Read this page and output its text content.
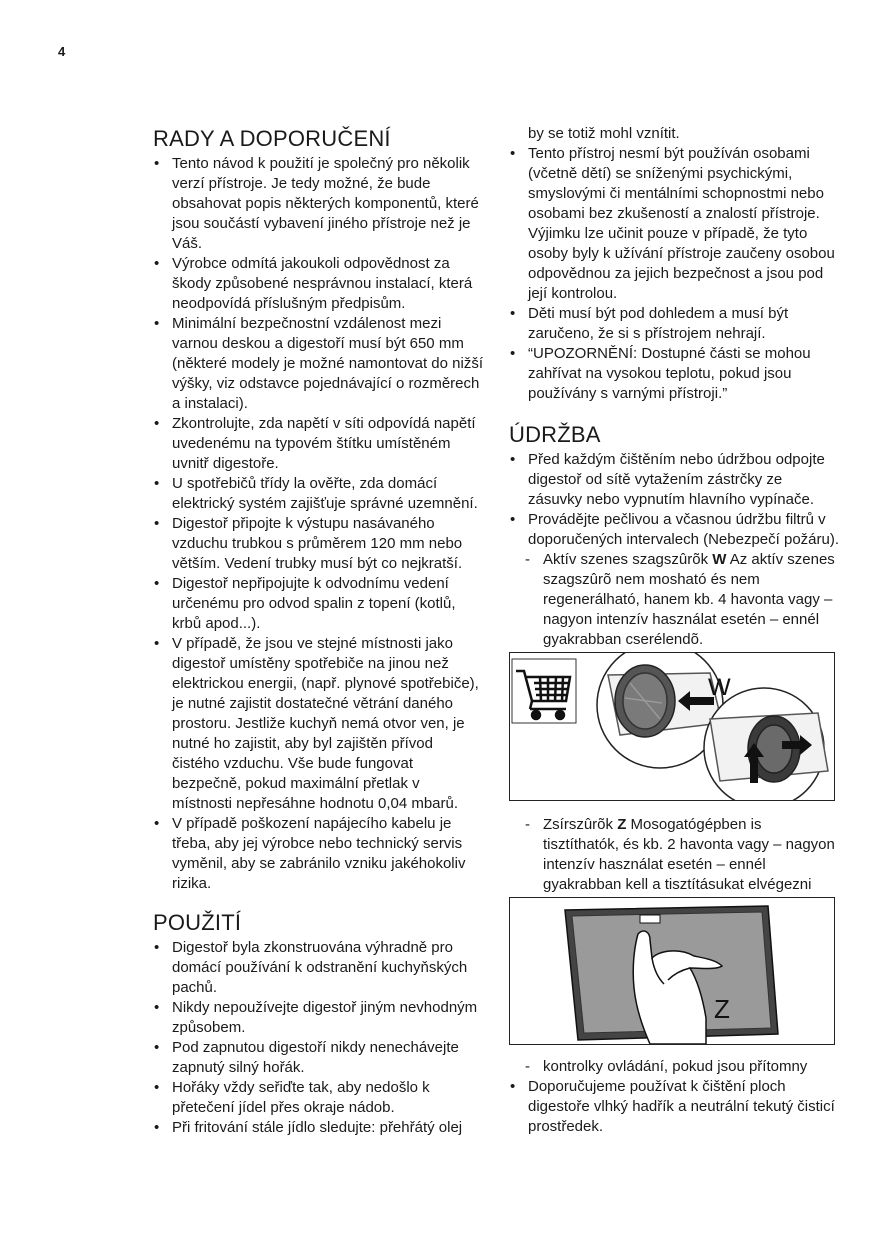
4
RADY A DOPORUČENÍ
• Tento návod k použití je společný pro několik verzí přístroje. Je tedy možné, že bude obsahovat popis některých komponentů, které jsou součástí vybavení jiného přístroje než je Váš.
• Výrobce odmítá jakoukoli odpovědnost za škody způsobené nesprávnou instalací, která neodpovídá příslušným předpisům.
• Minimální bezpečnostní vzdálenost mezi varnou deskou a digestoří musí být 650 mm (některé modely je možné namontovat do nižší výšky, viz odstavce pojednávající o rozměrech a instalaci).
• Zkontrolujte, zda napětí v síti odpovídá napětí uvedenému na typovém štítku umístěném uvnitř digestoře.
• U spotřebičů třídy la ověřte, zda domácí elektrický systém zajišťuje správné uzemnění.
• Digestoř připojte k výstupu nasávaného vzduchu trubkou s průměrem 120 mm nebo větším. Vedení trubky musí být co nejkratší.
• Digestoř nepřipojujte k odvodnímu vedení určenému pro odvod spalin z topení (kotlů, krbů apod...).
• V případě, že jsou ve stejné místnosti jako digestoř umístěny spotřebiče na jinou než elektrickou energii, (např. plynové spotřebiče), je nutné zajistit dostatečné větrání daného prostoru. Jestliže kuchyň nemá otvor ven, je nutné ho zajistit, aby byl zajištěn přívod čistého vzduchu. Vše bude fungovat bezpečně, pokud maximální přetlak v místnosti nepřesáhne hodnotu 0,04 mbarů.
• V případě poškození napájecího kabelu je třeba, aby jej výrobce nebo technický servis vyměnil, aby se zabránilo vzniku jakéhokoliv rizika.
POUŽITÍ
• Digestoř byla zkonstruována výhradně pro domácí používání k odstranění kuchyňských pachů.
• Nikdy nepoužívejte digestoř jiným nevhodným způsobem.
• Pod zapnutou digestoří nikdy nenechávejte zapnutý silný hořák.
• Hořáky vždy seřiďte tak, aby nedošlo k přetečení jídel přes okraje nádob.
• Při fritování stále jídlo sledujte: přehřátý olej
by se totiž mohl vznítit.
• Tento přístroj nesmí být používán osobami (včetně dětí) se sníženými psychickými, smyslovými či mentálními schopnostmi nebo osobami bez zkušeností a znalostí přístroje. Výjimku lze učinit pouze v případě, že tyto osoby byly k užívání přístroje zaučeny osobou odpovědnou za jejich bezpečnost a jsou pod její kontrolou.
• Děti musí být pod dohledem a musí být zaručeno, že si s přístrojem nehrají.
• “UPOZORNĚNÍ: Dostupné části se mohou zahřívat na vysokou teplotu, pokud jsou používány s varnými přístroji.”
ÚDRŽBA
• Před každým čištěním nebo údržbou odpojte digestoř od sítě vytažením zástrčky ze zásuvky nebo vypnutím hlavního vypínače.
• Provádějte pečlivou a včasnou údržbu filtrů v doporučených intervalech (Nebezpečí požáru).
- Aktív szenes szagszûrõk W Az aktív szenes szagszûrõ nem mosható és nem regenerálható, hanem kb. 4 havonta vagy – nagyon intenzív használat esetén – ennél gyakrabban cserélendõ.
W
- Zsírszûrõk Z Mosogatógépben is tisztíthatók, és kb. 2 havonta vagy – nagyon intenzív használat esetén – ennél gyakrabban kell a tisztításukat elvégezni
Z
- kontrolky ovládání, pokud jsou přítomny
• Doporučujeme používat k čištění ploch digestoře vlhký hadřík a neutrální tekutý čisticí prostředek.
